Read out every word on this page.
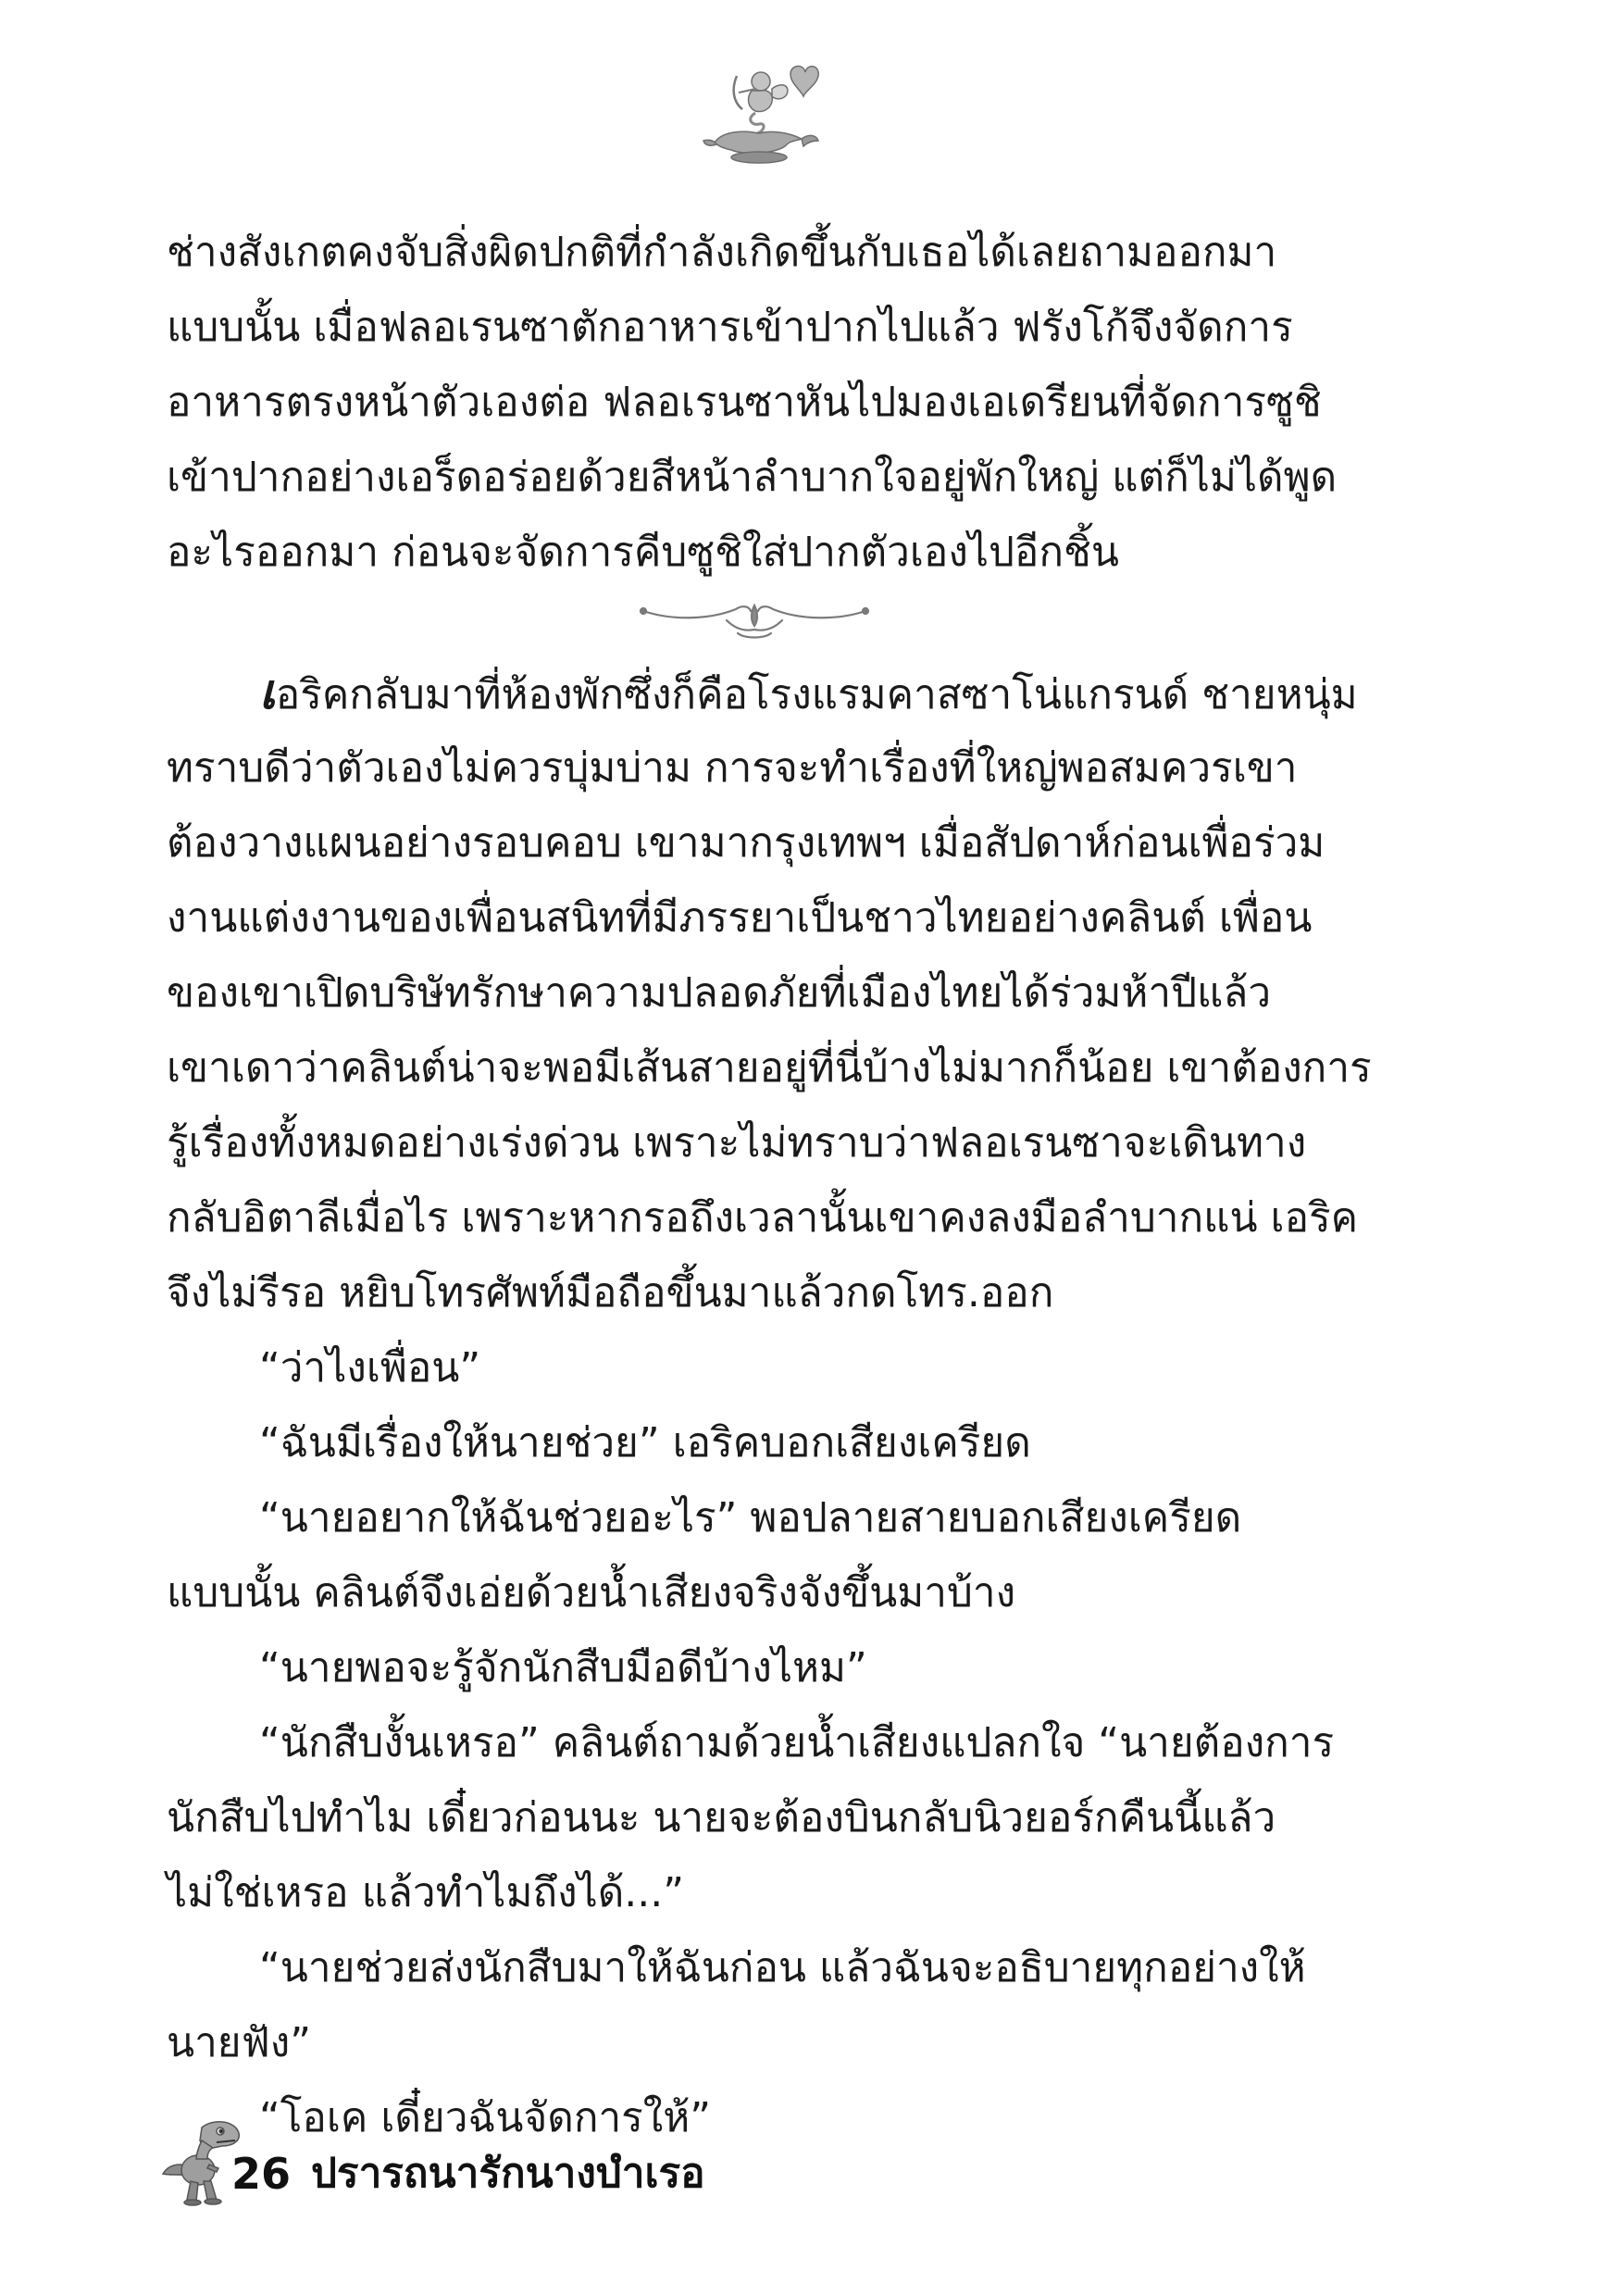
ช่างสังเกตคงจับสิ่งผิดปกติที่กำลังเกิดขึ้นกับเธอได้เลยถามออกมา
แบบนั้น เมื่อฟลอเรนซาตักอาหารเข้าปากไปแล้ว ฟรังโก้จึงจัดการ
อาหารตรงหน้าตัวเองต่อ ฟลอเรนซาหันไปมองเอเดรียนที่จัดการซูชิ
เข้าปากอย่างเอร็ดอร่อยด้วยสีหน้าลำบากใจอยู่พักใหญ่ แต่ก็ไม่ได้พูด
อะไรออกมา ก่อนจะจัดการคีบซูชิใส่ปากตัวเองไปอีกชิ้น
เอริคกลับมาที่ห้องพักซึ่งก็คือโรงแรมคาสซาโน่แกรนด์ ชายหนุ่ม
ทราบดีว่าตัวเองไม่ควรบุ่มบ่าม การจะทำเรื่องที่ใหญ่พอสมควรเขา
ต้องวางแผนอย่างรอบคอบ เขามากรุงเทพฯ เมื่อสัปดาห์ก่อนเพื่อร่วม
งานแต่งงานของเพื่อนสนิทที่มีภรรยาเป็นชาวไทยอย่างคลินต์ เพื่อน
ของเขาเปิดบริษัทรักษาความปลอดภัยที่เมืองไทยได้ร่วมห้าปีแล้ว
เขาเดาว่าคลินต์น่าจะพอมีเส้นสายอยู่ที่นี่บ้างไม่มากก็น้อย เขาต้องการ
รู้เรื่องทั้งหมดอย่างเร่งด่วน เพราะไม่ทราบว่าฟลอเรนซาจะเดินทาง
กลับอิตาลีเมื่อไร เพราะหากรอถึงเวลานั้นเขาคงลงมือลำบากแน่ เอริค
จึงไม่รีรอ หยิบโทรศัพท์มือถือขึ้นมาแล้วกดโทร.ออก
“ว่าไงเพื่อน”
“ฉันมีเรื่องให้นายช่วย” เอริคบอกเสียงเครียด
“นายอยากให้ฉันช่วยอะไร” พอปลายสายบอกเสียงเครียด
แบบนั้น คลินต์จึงเอ่ยด้วยน้ำเสียงจริงจังขึ้นมาบ้าง
“นายพอจะรู้จักนักสืบมือดีบ้างไหม”
“นักสืบงั้นเหรอ” คลินต์ถามด้วยน้ำเสียงแปลกใจ “นายต้องการ
นักสืบไปทำไม เดี๋ยวก่อนนะ นายจะต้องบินกลับนิวยอร์กคืนนี้แล้ว
ไม่ใช่เหรอ แล้วทำไมถึงได้...”
“นายช่วยส่งนักสืบมาให้ฉันก่อน แล้วฉันจะอธิบายทุกอย่างให้
นายฟัง”
“โอเค เดี๋ยวฉันจัดการให้”
26 ปรารถนารักนางบำเรอ
